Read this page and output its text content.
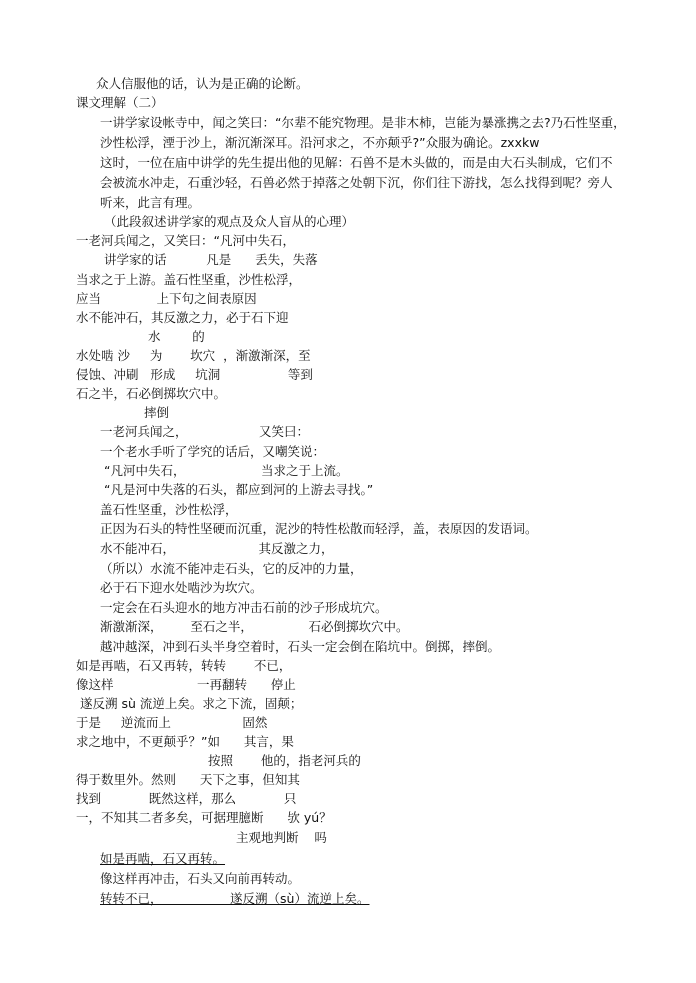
众人信服他的话，认为是正确的论断。
课文理解（二）
一讲学家设帐寺中，闻之笑曰：“尔辈不能究物理。是非木柿，岂能为暴涨携之去?乃石性坚重，
沙性松浮，湮于沙上，渐沉渐深耳。沿河求之，不亦颠乎?”众服为确论。zxxkw
这时，一位在庙中讲学的先生提出他的见解：石兽不是木头做的，而是由大石头制成，它们不
会被流水冲走，石重沙轻，石兽必然于掉落之处朝下沉，你们往下游找，怎么找得到呢？旁人
听来，此言有理。
（此段叙述讲学家的观点及众人盲从的心理）
一老河兵闻之，又笑曰：“凡河中失石，
讲学家的话          凡是      丢失，失落
当求之于上游。盖石性坚重，沙性松浮，
应当              上下句之间表原因
水不能冲石，其反激之力，必于石下迎
水        的
水处啮 沙     为       坎穴  ，渐激渐深，至
侵蚀、冲刷   形成     坑洞                 等到
石之半，石必倒掷坎穴中。
摔倒
一老河兵闻之，                  又笑曰：
一个老水手听了学究的话后，又嘲笑说：
“凡河中失石，                   当求之于上流。
“凡是河中失落的石头，都应到河的上游去寻找。”
盖石性坚重，沙性松浮，
正因为石头的特性坚硬而沉重，泥沙的特性松散而轻浮，盖，表原因的发语词。
水不能冲石，                     其反激之力，
（所以）水流不能冲走石头，它的反冲的力量，
必于石下迎水处啮沙为坎穴。
一定会在石头迎水的地方冲击石前的沙子形成坑穴。
渐激渐深，       至石之半，              石必倒掷坎穴中。
越冲越深，冲到石头半身空着时，石头一定会倒在陷坑中。倒掷，摔倒。
如是再啮，石又再转，转转       不已，
像这样                     一再翻转      停止
遂反溯 sù 流逆上矣。求之下流，固颠；
于是     逆流而上                  固然
求之地中，不更颠乎？”如      其言，果
按照       他的，指老河兵的
得于数里外。然则      天下之事，但知其
找到            既然这样，那么            只
一，不知其二者多矣，可据理臆断      欤 yú？
主观地判断    吗
如是再啮，石又再转。
像这样再冲击，石头又向前再转动。
转转不已，                 遂反溯（sù）流逆上矣。
